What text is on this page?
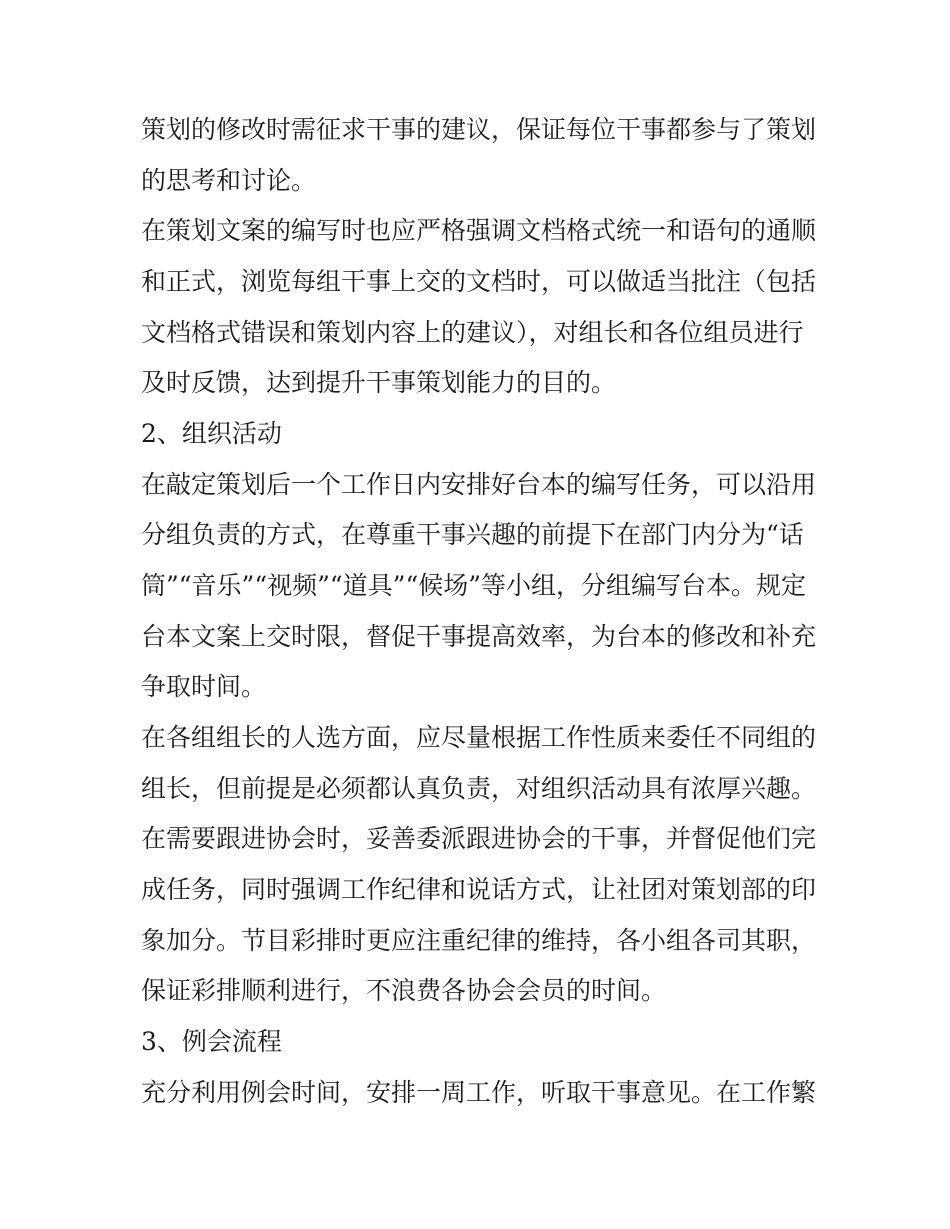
策划的修改时需征求干事的建议，保证每位干事都参与了策划
的思考和讨论。
在策划文案的编写时也应严格强调文档格式统一和语句的通顺
和正式，浏览每组干事上交的文档时，可以做适当批注（包括
文档格式错误和策划内容上的建议），对组长和各位组员进行
及时反馈，达到提升干事策划能力的目的。
2、组织活动
在敲定策划后一个工作日内安排好台本的编写任务，可以沿用
分组负责的方式，在尊重干事兴趣的前提下在部门内分为“话
筒”“音乐”“视频”“道具”“候场”等小组，分组编写台本。规定
台本文案上交时限，督促干事提高效率，为台本的修改和补充
争取时间。
在各组组长的人选方面，应尽量根据工作性质来委任不同组的
组长，但前提是必须都认真负责，对组织活动具有浓厚兴趣。
在需要跟进协会时，妥善委派跟进协会的干事，并督促他们完
成任务，同时强调工作纪律和说话方式，让社团对策划部的印
象加分。节目彩排时更应注重纪律的维持，各小组各司其职，
保证彩排顺利进行，不浪费各协会会员的时间。
3、例会流程
充分利用例会时间，安排一周工作，听取干事意见。在工作繁
